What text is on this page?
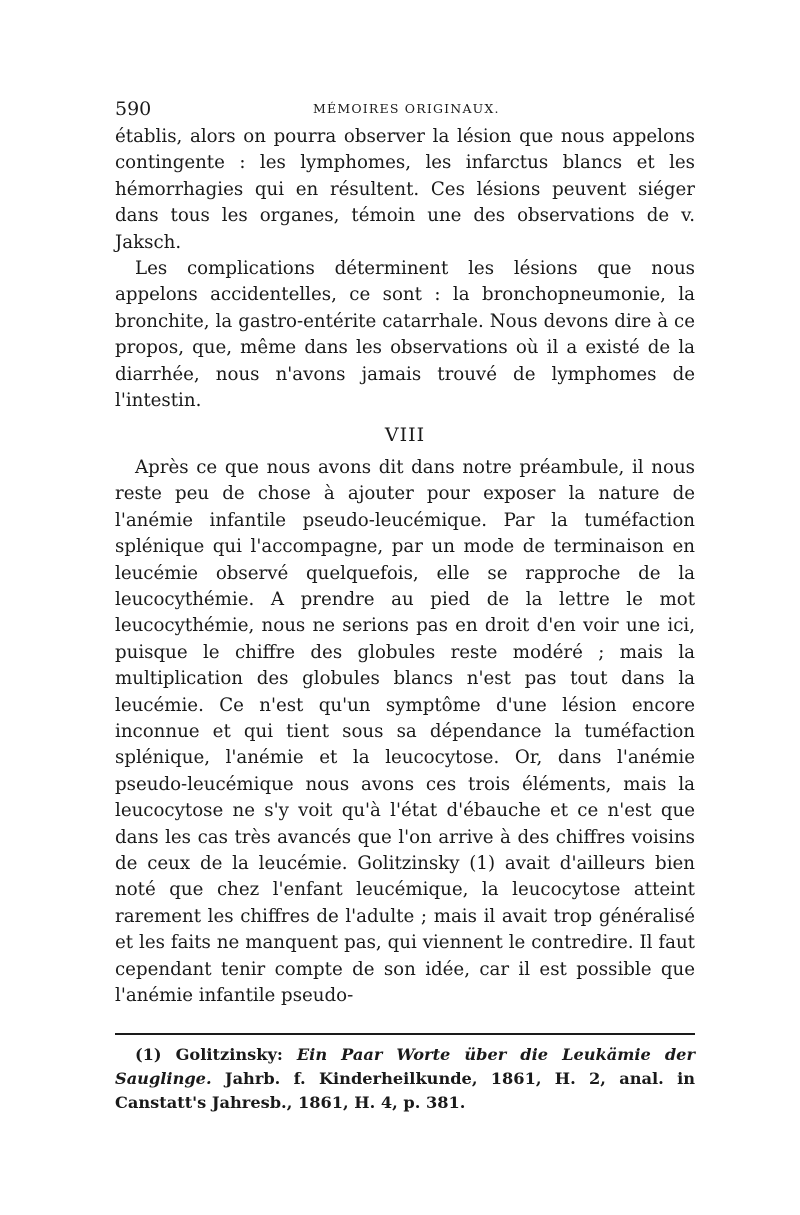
590	MÉMOIRES ORIGINAUX.

établis, alors on pourra observer la lésion que nous appelons contingente : les lymphomes, les infarctus blancs et les hémorrhagies qui en résultent. Ces lésions peuvent siéger dans tous les organes, témoin une des observations de v. Jaksch.

Les complications déterminent les lésions que nous appelons accidentelles, ce sont : la bronchopneumonie, la bronchite, la gastro-entérite catarrhale. Nous devons dire à ce propos, que, même dans les observations où il a existé de la diarrhée, nous n'avons jamais trouvé de lymphomes de l'intestin.

VIII

Après ce que nous avons dit dans notre préambule, il nous reste peu de chose à ajouter pour exposer la nature de l'anémie infantile pseudo-leucémique. Par la tuméfaction splénique qui l'accompagne, par un mode de terminaison en leucémie observé quelquefois, elle se rapproche de la leucocythémie. A prendre au pied de la lettre le mot leucocythémie, nous ne serions pas en droit d'en voir une ici, puisque le chiffre des globules reste modéré ; mais la multiplication des globules blancs n'est pas tout dans la leucémie. Ce n'est qu'un symptôme d'une lésion encore inconnue et qui tient sous sa dépendance la tuméfaction splénique, l'anémie et la leucocytose. Or, dans l'anémie pseudo-leucémique nous avons ces trois éléments, mais la leucocytose ne s'y voit qu'à l'état d'ébauche et ce n'est que dans les cas très avancés que l'on arrive à des chiffres voisins de ceux de la leucémie. Golitzinsky (1) avait d'ailleurs bien noté que chez l'enfant leucémique, la leucocytose atteint rarement les chiffres de l'adulte ; mais il avait trop généralisé et les faits ne manquent pas, qui viennent le contredire. Il faut cependant tenir compte de son idée, car il est possible que l'anémie infantile pseudo-

(1) Golitzinsky: Ein Paar Worte über die Leukämie der Sauglinge. Jahrb. f. Kinderheilkunde, 1861, H. 2, anal. in Canstatt's Jahresb., 1861, H. 4, p. 381.
